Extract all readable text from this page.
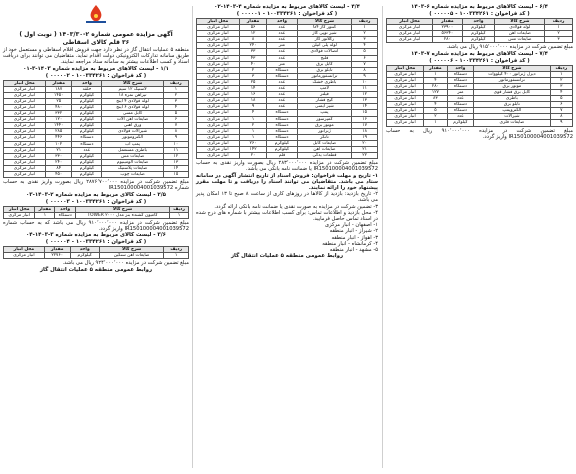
آگهی مزایده عمومی شماره ۲-۱۴۰۳/۳۰ ( نوبت اول )
۳۶ قلم کالای اسقاطی
منطقه ۵ عملیات انتقال گاز در نظر دارد جهت فروش اقلام اسقاطی و مستعمل خود از طریق سامانه تدارکات الکترونیکی دولت اقدام نماید. متقاضیان می توانند برای دریافت اسناد و کسب اطلاعات بیشتر به سامانه ستاد مراجعه نمایند.
۱/۱ - لیست کالاهای مربوط به مزایده شماره ۱۴۰۳-۳-۰۱
( کد فراخوان : ۱۰۰۳۳۴۲۶۱ - ۰۰۰۰۰۲ )
ردیف	شرح کالا	واحد	مقدار	محل انبار
۱	لاستیک ۱۲ سیم	حلقه	۱۸۷	انبار مرکزی
۲	تیرآهن نمره ۱۸	کیلوگرم	۱۴۵۰	انبار مرکزی
۳	لوله فولادی ۴ اینچ	کیلوگرم	۲۵	انبار مرکزی
۴	لوله فولادی ۶ اینچ	کیلوگرم	۴۸۰	انبار مرکزی
۵	کابل مسی	کیلوگرم	۳۳۲	انبار مرکزی
۶	ضایعات آهن آلات	کیلوگرم	۱۲۰	انبار مرکزی
۷	ورق آهنی	کیلوگرم	۱۴۴۰	انبار مرکزی
۸	شیرآلات فولادی	کیلوگرم	۲۸۵	انبار مرکزی
۹	الکتروموتور	دستگاه	۴۴۶	انبار مرکزی
۱۰	پمپ آب	دستگاه	۱۰۲	انبار مرکزی
۱۱	باطری مستعمل	عدد	۲۱	انبار مرکزی
۱۲	ضایعات مس	کیلوگرم	۳۳۰	انبار مرکزی
۱۳	ضایعات آلومینیوم	کیلوگرم	۲۴۰	انبار مرکزی
۱۴	ضایعات پلاستیک	کیلوگرم	۸۴	انبار مرکزی
۱۵	ضایعات چوب	کیلوگرم	۴۵۰	انبار مرکزی
مبلغ تضمین شرکت در مزایده ۲۸۷۶٬۷۰۰٬۰۰۰ ریال بصورت واریز نقدی به حساب شماره IR150100004001039572
۲/۵ - لیست کالای مربوط به مزایده شماره ۲-۱۴۰۳-۰۳
( کد فراخوان : ۱۰۰۳۳۴۲۶۱ - ۰۰۰۰۰۳ )
ردیف	شرح کالا	واحد	مقدار	محل انبار
۱	کامیون کشنده بنز مدل TOWER ۲۰۰۰	دستگاه	۱	انبار مرکزی
مبلغ تضمین شرکت در مزایده ۹۱۰٬۰۰۰٬۰۰۰ ریال می باشد که به حساب شماره IR150100004001039572 واریز گردد.
۳/۶ - لیست کالای مربوط به مزایده شماره ۳-۱۴۰۳-۰۴
( کد فراخوان : ۱۰۰۳۳۴۲۶۱ - ۰۰۰۰۰۴ )
ردیف	شرح کالا	واحد	مقدار	محل انبار
۱	ضایعات آهن سنگین	کیلوگرم	۲۲۷۶۰	انبار مرکزی
مبلغ تضمین شرکت در مزایده ۹۲۴٬۰۰۰٬۰۰۰ ریال می باشد.
روابط عمومی منطقه ۵ عملیات انتقال گاز
۴/۴ - لیست کالاهای مربوط به مزایده شماره ۴-۱۴۰۳-۰۲
( کد فراخوان : ۱۰۰۳۳۴۲۶۱ - ۰۰۰۰۰۱ )
ردیف	شرح کالا	واحد	مقدار	محل انبار
۱	کنتور گاز G۴	عدد	۵۶	انبار مرکزی
۲	شیر توپی گاز	عدد	۱۲	انبار مرکزی
۳	رگلاتور گاز	عدد	۸	انبار مرکزی
۴	لوله پلی اتیلن	متر	۲۴۰	انبار مرکزی
۵	اتصالات فولادی	عدد	۳۳	انبار مرکزی
۶	فلنج	عدد	۴۳	انبار مرکزی
۷	کابل برق	متر	۴۰	انبار مرکزی
۸	تابلو برق	دستگاه	۲	انبار مرکزی
۹	ترانسفورماتور	دستگاه	۳	انبار مرکزی
۱۰	باطری خشک	عدد	۲۵	انبار مرکزی
۱۱	لامپ	عدد	۱۴	انبار مرکزی
۱۲	فیلتر	عدد	۱۶	انبار مرکزی
۱۳	گیج فشار	عدد	۱۸	انبار مرکزی
۱۴	شیر ایمنی	عدد	۹	انبار مرکزی
۱۵	پمپ	دستگاه	۴	انبار مرکزی
۱۶	کمپرسور	دستگاه	۱	انبار مرکزی
۱۷	موتور برق	دستگاه	۲	انبار مرکزی
۱۸	ژنراتور	دستگاه	۱	انبار مرکزی
۱۹	تانکر	دستگاه	۱	انبار مرکزی
۲۰	ضایعات کابل	کیلوگرم	۲۶۰	انبار مرکزی
۲۱	ضایعات آهن	کیلوگرم	۱۴۲	انبار مرکزی
۲۲	قطعات یدکی	قلم	۲۰	انبار مرکزی
مبلغ تضمین شرکت در مزایده ۲۸۳٬۰۰۰٬۰۰۰ ریال بصورت واریز نقدی به حساب IR150100004001039572 یا ضمانت نامه بانکی می باشد.
۱- تاریخ و مهلت فراخوان: فروش اسناد از تاریخ انتشار آگهی در سامانه ستاد می باشد. متقاضیان می توانند اسناد را دریافت و تا مهلت مقرر پیشنهاد خود را ارائه نمایند.
۲- تاریخ بازدید: بازدید از کالاها در روزهای کاری از ساعت ۸ صبح تا ۱۳ امکان پذیر می باشد.
۳- تضمین شرکت در مزایده به صورت نقدی یا ضمانت نامه بانکی ارائه گردد.
۴- محل بازدید و اطلاعات تماس: برای کسب اطلاعات بیشتر با شماره های درج شده در اسناد تماس حاصل فرمایید.
۱- اصفهان - انبار مرکزی
۲- شیراز - انبار منطقه
۳- اهواز - انبار منطقه
۴- کرمانشاه - انبار منطقه
۵- مشهد - انبار منطقه
روابط عمومی منطقه ۵ عملیات انتقال گاز
۶/۴ - لیست کالاهای مربوط به مزایده شماره ۶-۱۴۰۳
( کد فراخوان : ۱۰۰۳۳۴۲۶۱ - ۰۰۰۰۰۵ )
ردیف	شرح کالا	واحد	مقدار	محل انبار
۱	لوله فولادی	کیلوگرم	۲۳۹۰۰	انبار مرکزی
۲	ضایعات آهن	کیلوگرم	۵۶۳۴۰	انبار مرکزی
۳	ضایعات مس	کیلوگرم	۲۸۰	انبار مرکزی
مبلغ تضمین شرکت در مزایده ۹۱۵٬۰۰۰٬۰۰۰ ریال می باشد.
۷/۴ - لیست کالاهای مربوط به مزایده شماره ۷-۱۴۰۳
( کد فراخوان : ۱۰۰۳۳۴۲۶۱ - ۰۰۰۰۰۶ )
ردیف	شرح کالا	واحد	مقدار	محل انبار
۱	دیزل ژنراتور ۴۰۰ کیلووات	دستگاه	۱	انبار مرکزی
۲	ترانسفورماتور	دستگاه	۴	انبار مرکزی
۳	موتور برق	دستگاه	۲۸۰	انبار مرکزی
۴	کابل برق فشار قوی	متر	۱۲۷	انبار مرکزی
۵	باطری	عدد	۸۳	انبار مرکزی
۶	تابلو برق	دستگاه	۴	انبار مرکزی
۷	الکتروپمپ	دستگاه	۵	انبار مرکزی
۸	شیرآلات	عدد	۲	انبار مرکزی
۹	ضایعات فلزی	کیلوگرم	۱	انبار مرکزی
مبلغ تضمین شرکت در مزایده ۹۱۰٬۰۰۰٬۰۰۰ ریال به حساب IR150100004001039572 واریز گردد.
